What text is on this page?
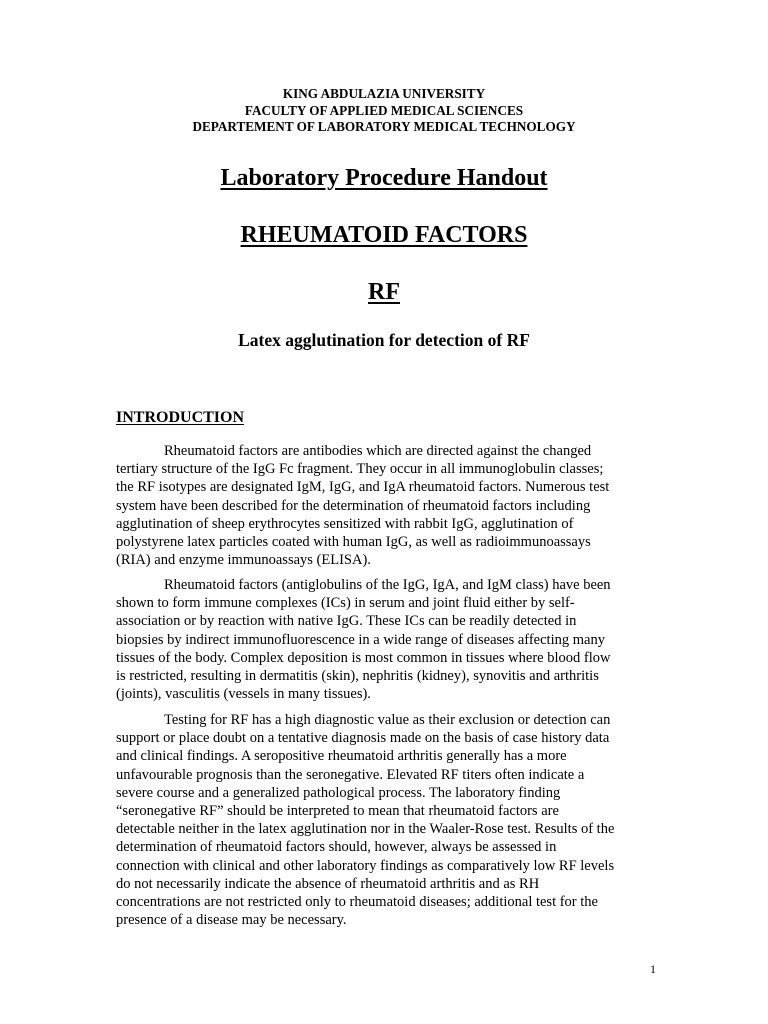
KING ABDULAZIA UNIVERSITY
FACULTY OF APPLIED MEDICAL SCIENCES
DEPARTEMENT OF LABORATORY MEDICAL TECHNOLOGY
Laboratory Procedure Handout
RHEUMATOID FACTORS
RF
Latex agglutination for detection of RF
INTRODUCTION
Rheumatoid factors are antibodies which are directed against the changed
tertiary structure of the IgG Fc fragment. They occur in all immunoglobulin classes;
the RF isotypes are designated IgM, IgG, and IgA rheumatoid factors. Numerous test
system have been described for the determination of rheumatoid factors including
agglutination of sheep erythrocytes sensitized with rabbit IgG, agglutination of
polystyrene latex particles coated with human IgG, as well as radioimmunoassays
(RIA) and enzyme immunoassays (ELISA).
Rheumatoid factors (antiglobulins of the IgG, IgA, and IgM class) have been
shown to form immune complexes (ICs) in serum and joint fluid either by self-
association or by reaction with native IgG. These ICs can be readily detected in
biopsies by indirect immunofluorescence in a wide range of diseases affecting many
tissues of the body. Complex deposition is most common in tissues where blood flow
is restricted, resulting in dermatitis (skin), nephritis (kidney), synovitis and arthritis
(joints), vasculitis (vessels in many tissues).
Testing for RF has a high diagnostic value as their exclusion or detection can
support or place doubt on a tentative diagnosis made on the basis of case history data
and clinical findings. A seropositive rheumatoid arthritis generally has a more
unfavourable prognosis than the seronegative. Elevated RF titers often indicate a
severe course and a generalized pathological process. The laboratory finding
“seronegative RF” should be interpreted to mean that rheumatoid factors are
detectable neither in the latex agglutination nor in the Waaler-Rose test. Results of the
determination of rheumatoid factors should, however, always be assessed in
connection with clinical and other laboratory findings as comparatively low RF levels
do not necessarily indicate the absence of rheumatoid arthritis and as RH
concentrations are not restricted only to rheumatoid diseases; additional test for the
presence of a disease may be necessary.
1
